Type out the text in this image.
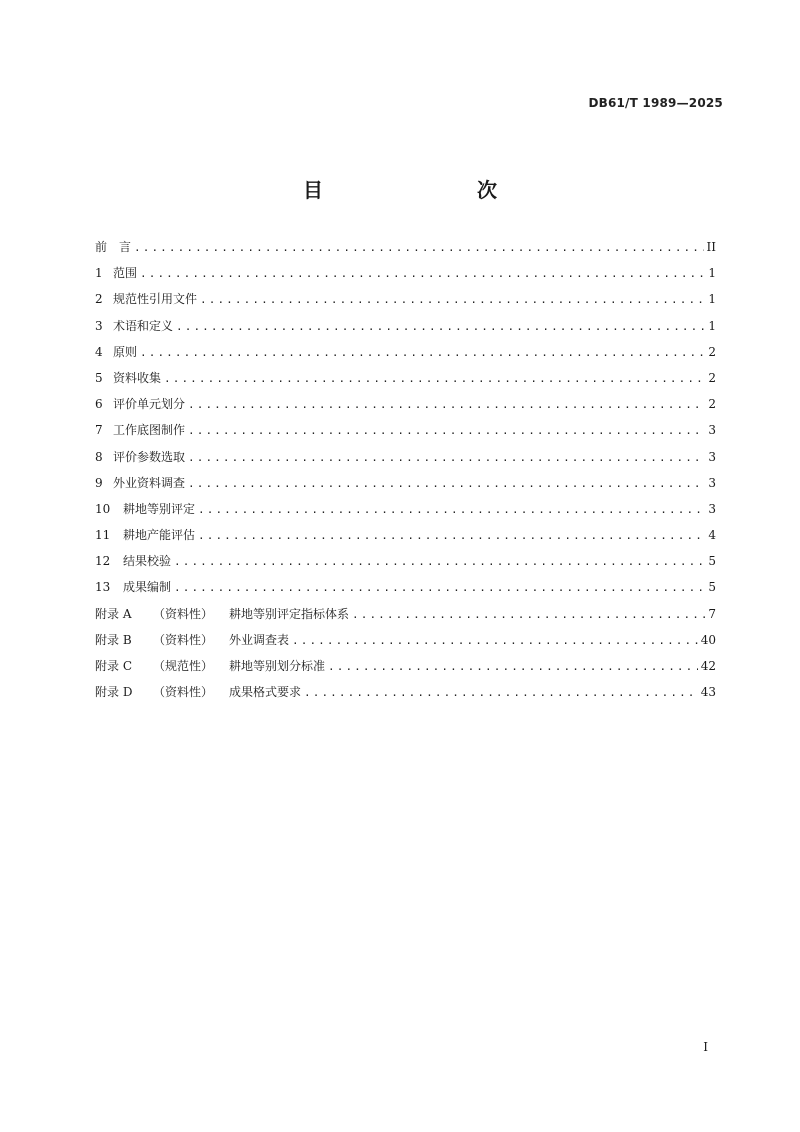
DB61/T 1989—2025
目　　次
前　言 .....	II
1 范围 .....	1
2 规范性引用文件 .....	1
3 术语和定义 .....	1
4 原则 .....	2
5 资料收集 .....	2
6 评价单元划分 .....	2
7 工作底图制作 .....	3
8 评价参数选取 .....	3
9 外业资料调查 .....	3
10	耕地等别评定 .....	3
11	耕地产能评估 .....	4
12	结果校验 .....	5
13	成果编制 .....	5
附录 A	（资料性）	耕地等别评定指标体系 .....	7
附录 B	（资料性）	外业调查表 .....	40
附录 C	（规范性）	耕地等别划分标准 .....	42
附录 D	（资料性）	成果格式要求 .....	43
I
